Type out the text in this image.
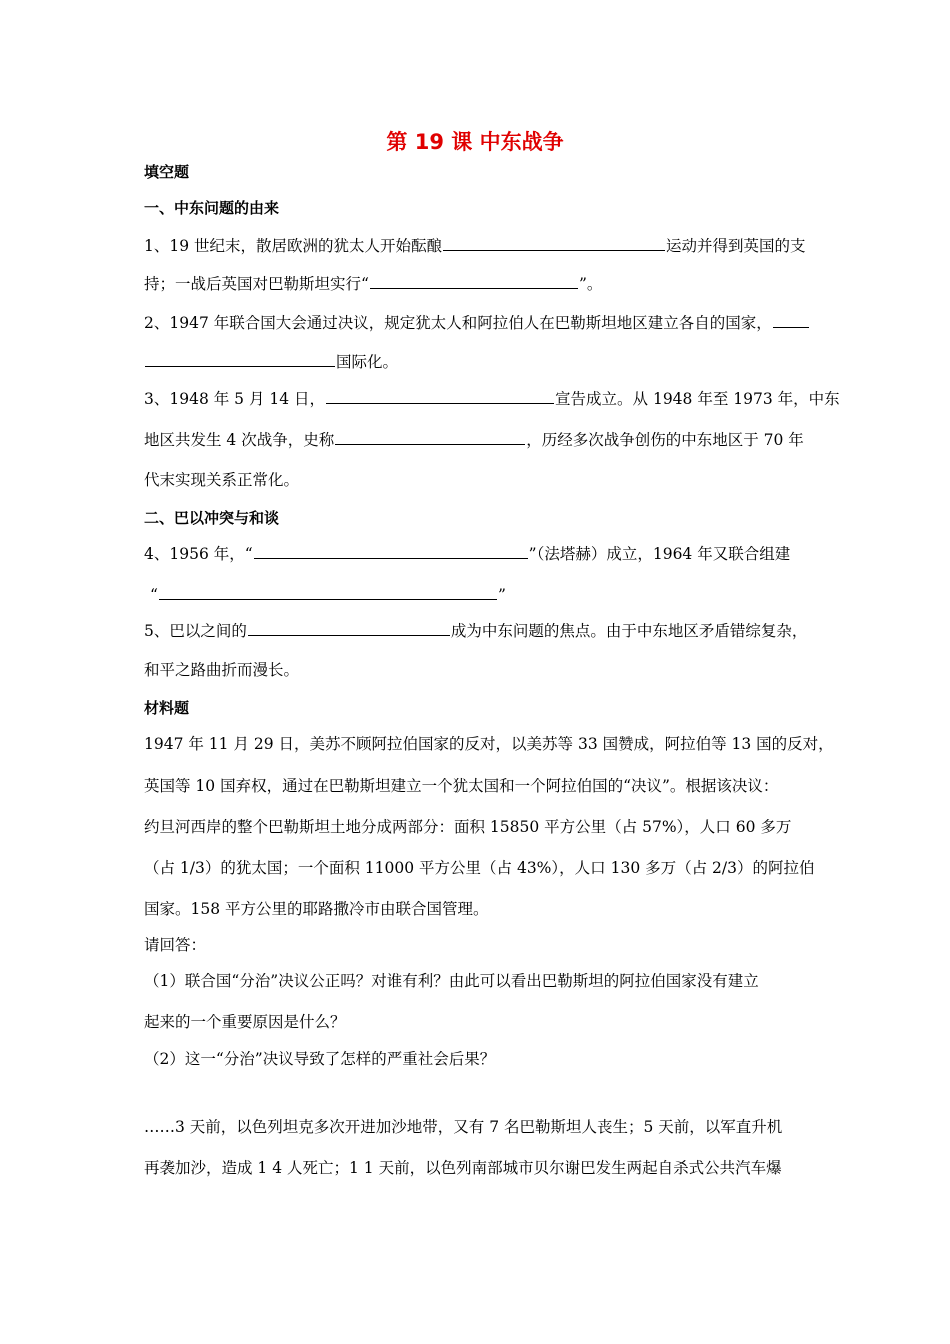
第 19 课 中东战争
填空题
一、中东问题的由来
1、19 世纪末，散居欧洲的犹太人开始酝酿	运动并得到英国的支
持；一战后英国对巴勒斯坦实行“	”。
2、1947 年联合国大会通过决议，规定犹太人和阿拉伯人在巴勒斯坦地区建立各自的国家，
国际化。
3、1948 年 5 月 14 日，	宣告成立。从 1948 年至 1973 年，中东
地区共发生 4 次战争，史称	，历经多次战争创伤的中东地区于 70 年
代末实现关系正常化。
二、巴以冲突与和谈
4、1956 年，“	”（法塔赫）成立，1964 年又联合组建
“	”
5、巴以之间的	成为中东问题的焦点。由于中东地区矛盾错综复杂，
和平之路曲折而漫长。
材料题
1947 年 11 月 29 日，美苏不顾阿拉伯国家的反对，以美苏等 33 国赞成，阿拉伯等 13 国的反对，
英国等 10 国弃权，通过在巴勒斯坦建立一个犹太国和一个阿拉伯国的“决议”。根据该决议：
约旦河西岸的整个巴勒斯坦土地分成两部分：面积 15850 平方公里（占 57%），人口 60 多万
（占 1/3）的犹太国；一个面积 11000 平方公里（占 43%），人口 130 多万（占 2/3）的阿拉伯
国家。158 平方公里的耶路撒冷市由联合国管理。
请回答：
（1）联合国“分治”决议公正吗？对谁有利？由此可以看出巴勒斯坦的阿拉伯国家没有建立
起来的一个重要原因是什么？
（2）这一“分治”决议导致了怎样的严重社会后果？
……3 天前，以色列坦克多次开进加沙地带，又有 7 名巴勒斯坦人丧生；5 天前，以军直升机
再袭加沙，造成 1 4 人死亡；1 1 天前，以色列南部城市贝尔谢巴发生两起自杀式公共汽车爆
